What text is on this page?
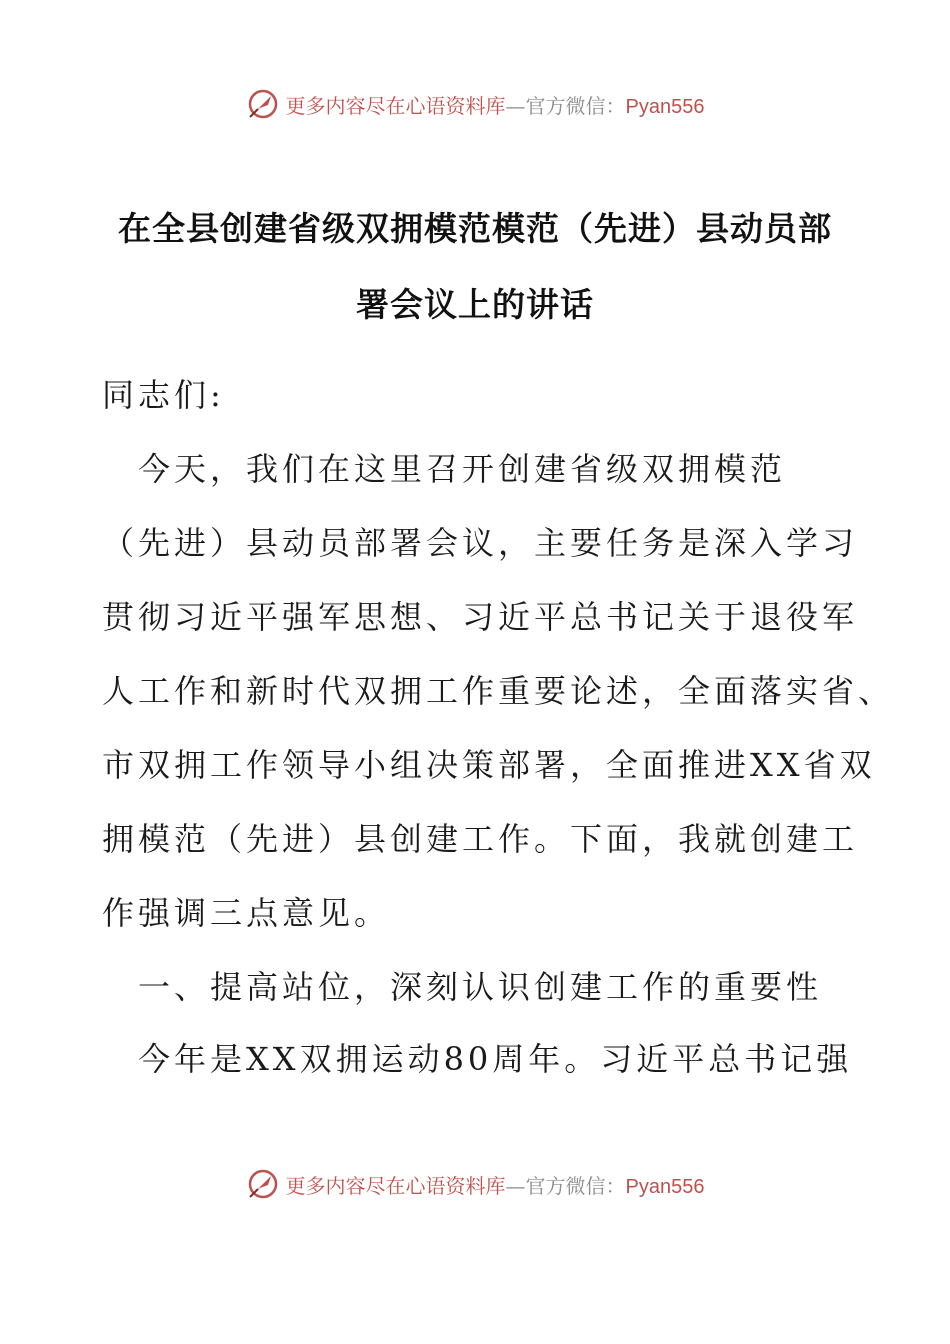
更多内容尽在心语资料库—官方微信：Pyan556
在全县创建省级双拥模范模范（先进）县动员部
署会议上的讲话
同志们:
　今天，我们在这里召开创建省级双拥模范
（先进）县动员部署会议，主要任务是深入学习
贯彻习近平强军思想、习近平总书记关于退役军
人工作和新时代双拥工作重要论述，全面落实省、
市双拥工作领导小组决策部署，全面推进XX省双
拥模范（先进）县创建工作。下面，我就创建工
作强调三点意见。
　一、提高站位，深刻认识创建工作的重要性
　今年是XX双拥运动80周年。习近平总书记强
更多内容尽在心语资料库—官方微信：Pyan556
